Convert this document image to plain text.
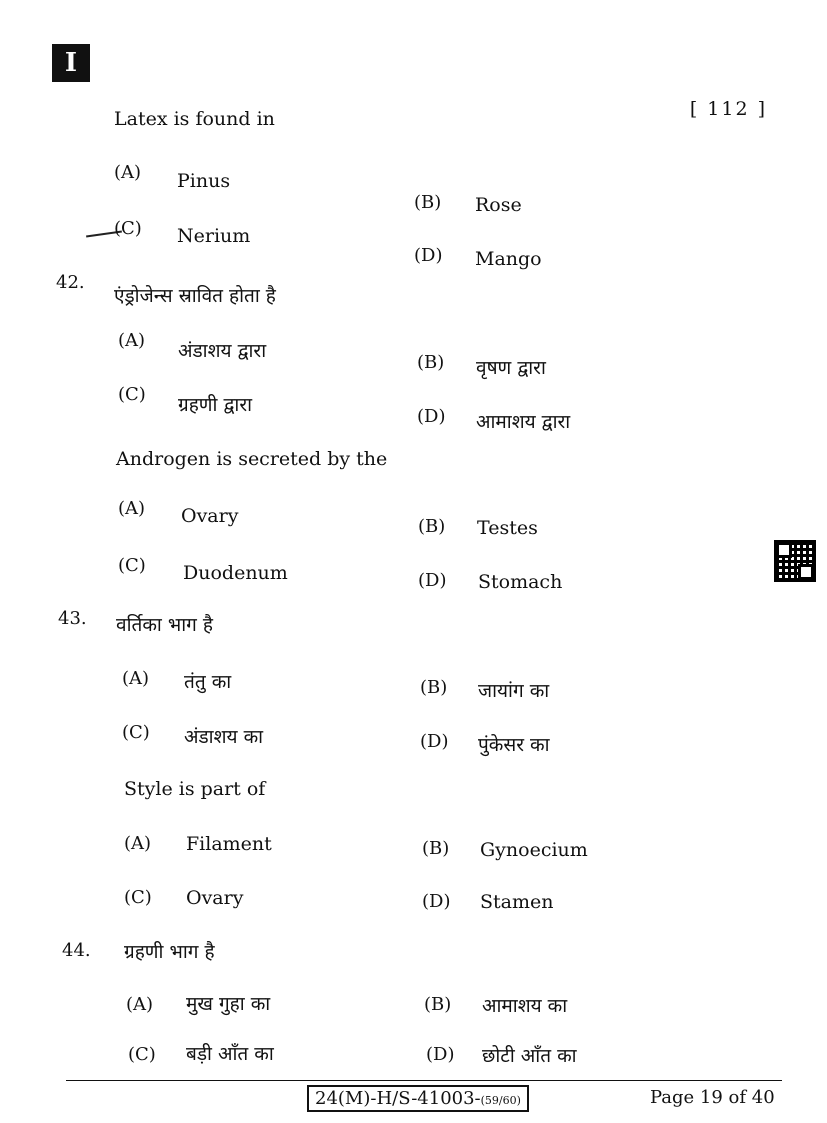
I
[ 112 ]
Latex is found in
(A) Pinus
(B) Rose
(C) Nerium
(D) Mango
42.
एंड्रोजेन्स स्रावित होता है
(A) अंडाशय द्वारा
(B) वृषण द्वारा
(C) ग्रहणी द्वारा
(D) आमाशय द्वारा
Androgen is secreted by the
(A) Ovary	(B) Testes
(C) Duodenum	(D) Stomach
43. वर्तिका भाग है
(A) तंतु का	(B) जायांग का
(C) अंडाशय का	(D) पुंकेसर का
Style is part of
(A) Filament	(B) Gynoecium
(C) Ovary	(D) Stamen
44. ग्रहणी भाग है
(A) मुख गुहा का	(B) आमाशय का
(C) बड़ी आँत का	(D) छोटी आँत का
24(M)-H/S-41003-(59/60)	Page 19 of 40
